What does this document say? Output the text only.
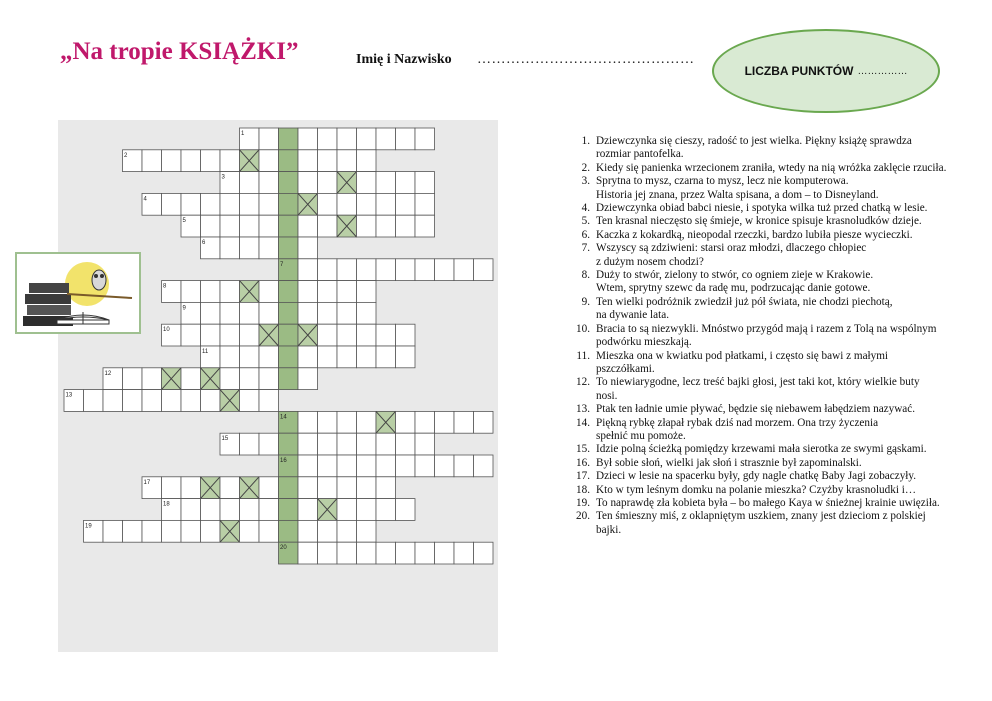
„Na tropie KSIĄŻKI”	Imię i Nazwisko ………………………………………
LICZBA PUNKTÓW ……………
1
2
3
4
5
6
7
8
9
10
11
12
13
14
15
16
17
18
19
20
1. Dziewczynka się cieszy, radość to jest wielka. Piękny książę sprawdza
rozmiar pantofelka.
2. Kiedy się panienka wrzecionem zraniła, wtedy na nią wróżka zaklęcie rzuciła.
3. Sprytna to mysz, czarna to mysz, lecz nie komputerowa.
Historia jej znana, przez Walta spisana, a dom – to Disneyland.
4. Dziewczynka obiad babci niesie, i spotyka wilka tuż przed chatką w lesie.
5. Ten krasnal nieczęsto się śmieje, w kronice spisuje krasnoludków dzieje.
6. Kaczka z kokardką, nieopodal rzeczki, bardzo lubiła piesze wycieczki.
7. Wszyscy są zdziwieni: starsi oraz młodzi, dlaczego chłopiec
z dużym nosem chodzi?
8. Duży to stwór, zielony to stwór, co ogniem zieje w Krakowie.
Wtem, sprytny szewc da radę mu, podrzucając danie gotowe.
9. Ten wielki podróżnik zwiedził już pół świata, nie chodzi piechotą,
na dywanie lata.
10. Bracia to są niezwykli. Mnóstwo przygód mają i razem z Tolą na wspólnym
podwórku mieszkają.
11. Mieszka ona w kwiatku pod płatkami, i często się bawi z małymi
pszczółkami.
12. To niewiarygodne, lecz treść bajki głosi, jest taki kot, który wielkie buty
nosi.
13. Ptak ten ładnie umie pływać, będzie się niebawem łabędziem nazywać.
14. Piękną rybkę złapał rybak dziś nad morzem. Ona trzy życzenia
spełnić mu pomoże.
15. Idzie polną ścieżką pomiędzy krzewami mała sierotka ze swymi gąskami.
16. Był sobie słoń, wielki jak słoń i strasznie był zapominalski.
17. Dzieci w lesie na spacerku były, gdy nagle chatkę Baby Jagi zobaczyły.
18. Kto w tym leśnym domku na polanie mieszka? Czyżby krasnoludki i…
19. To naprawdę zła kobieta była – bo małego Kaya w śnieżnej krainie uwięziła.
20. Ten śmieszny miś, z oklapniętym uszkiem, znany jest dzieciom z polskiej
bajki.
